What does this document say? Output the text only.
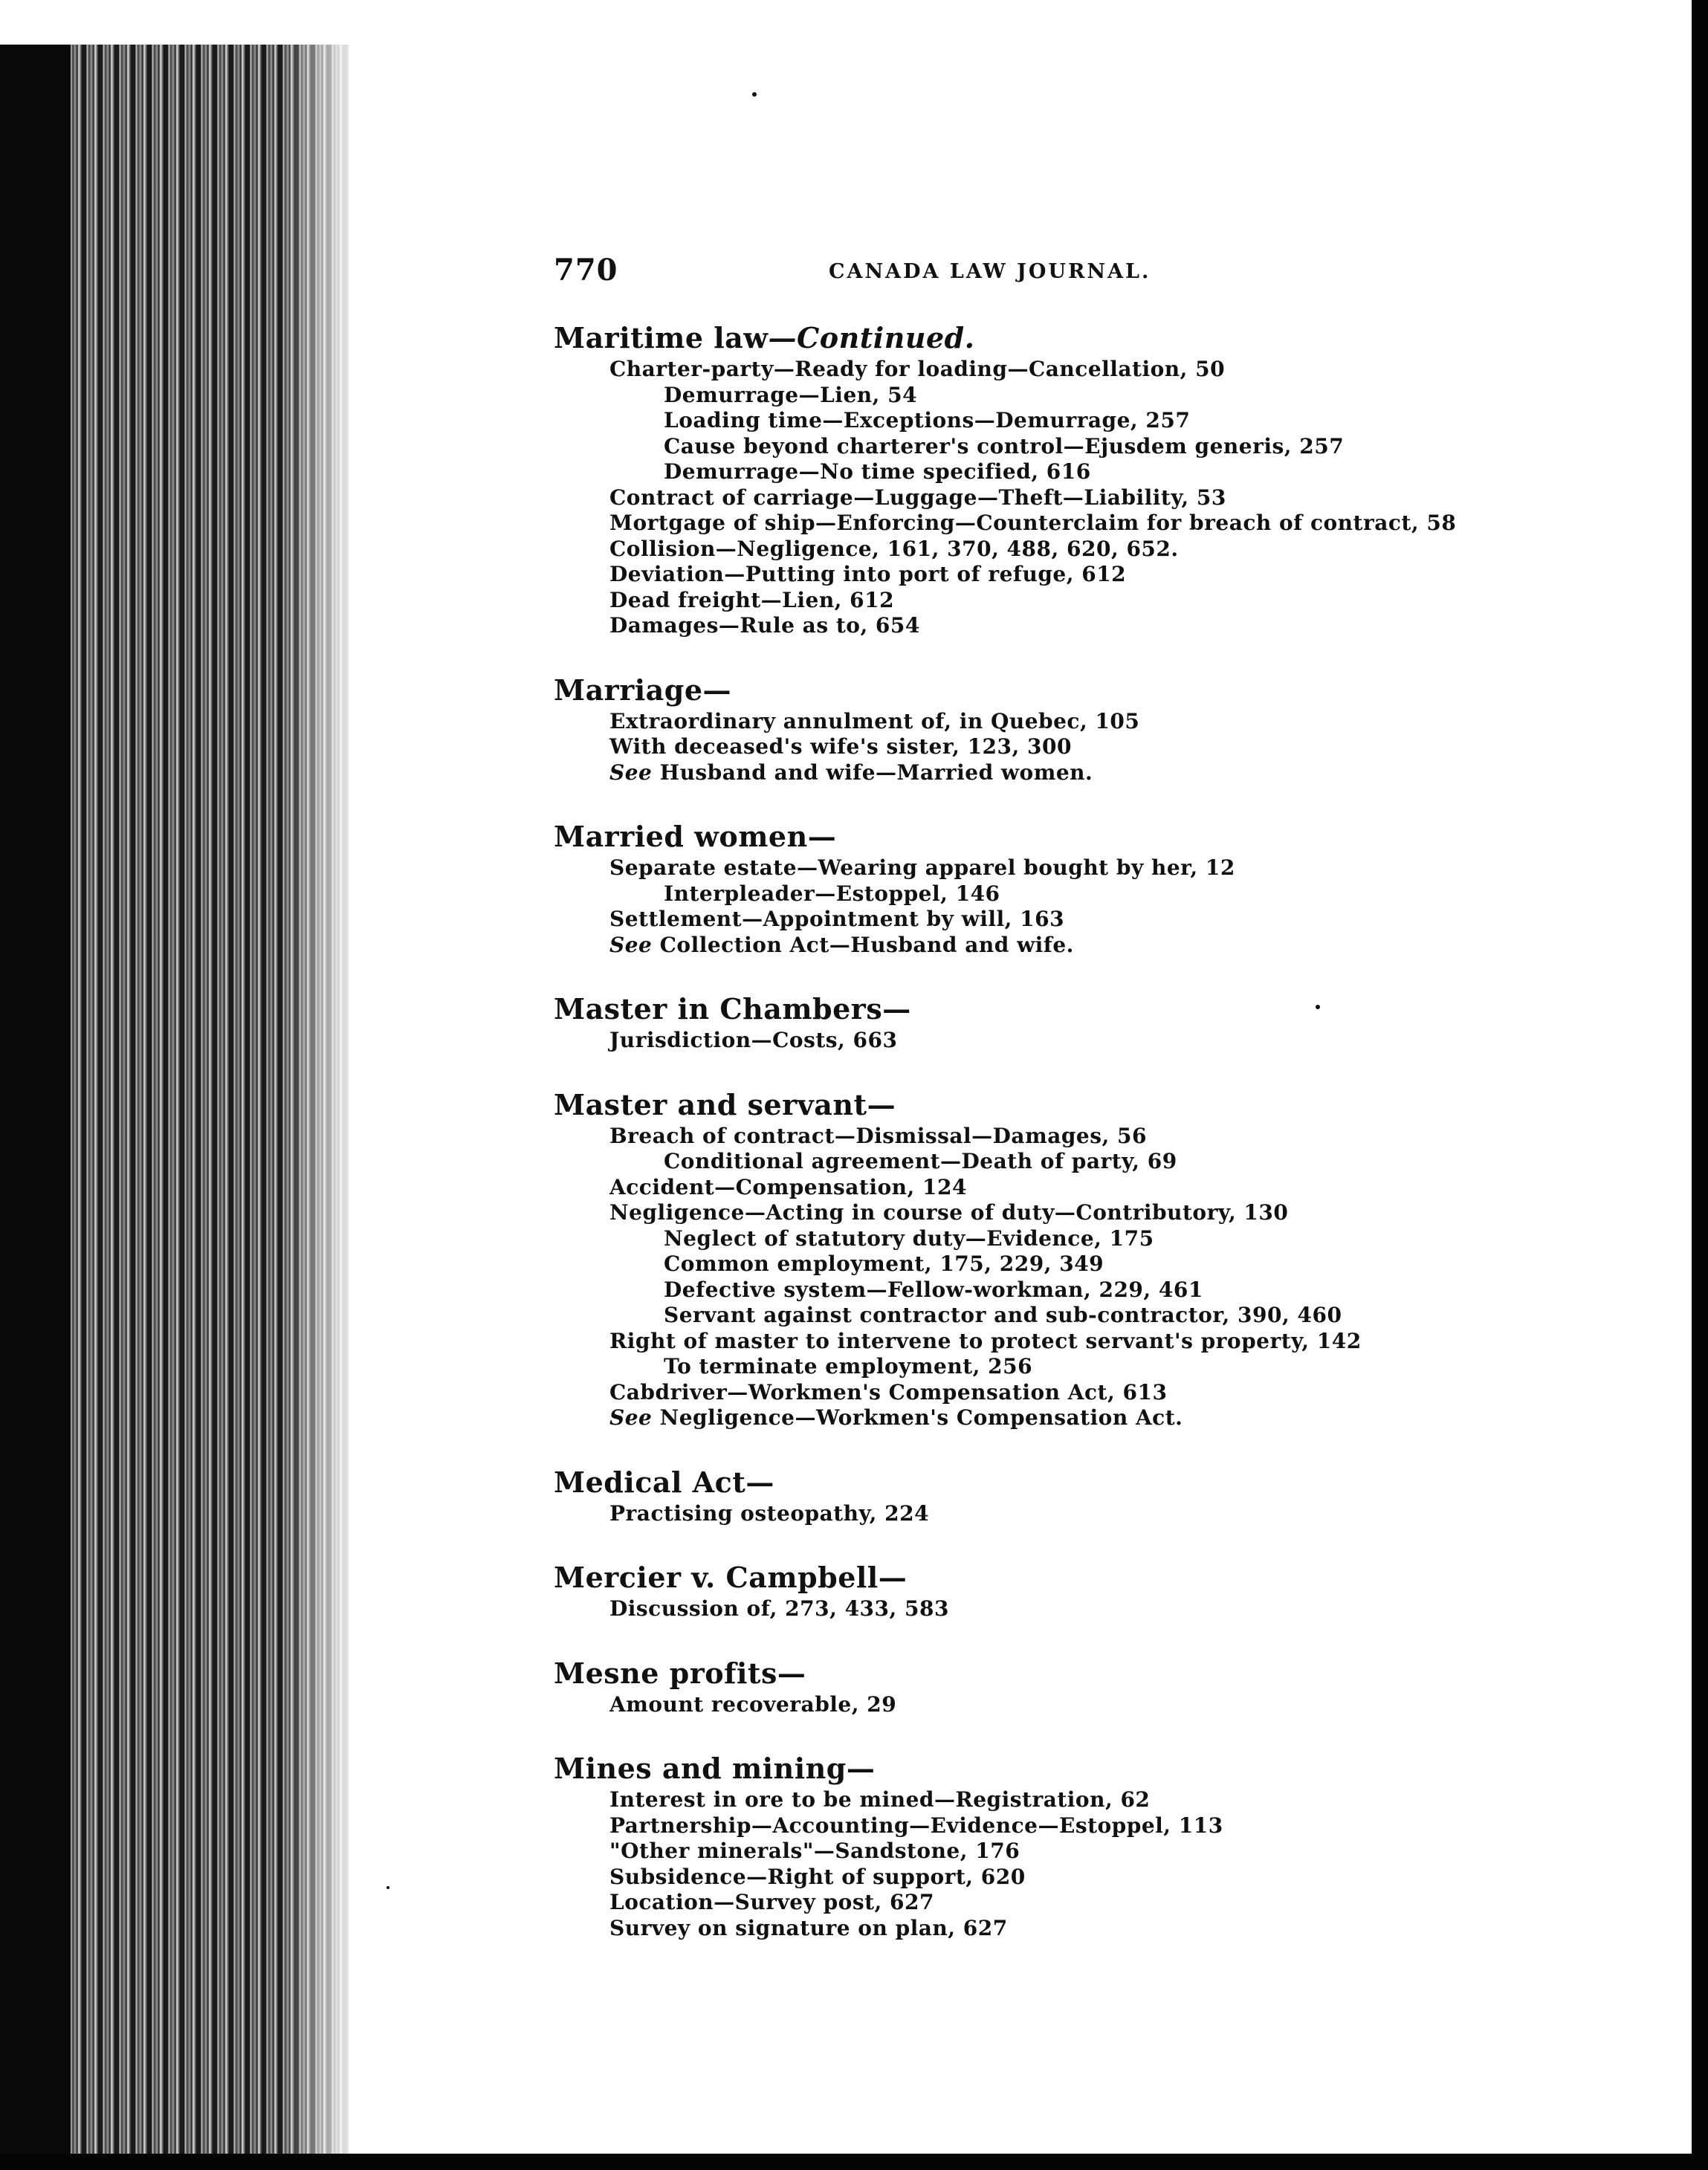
770	CANADA LAW JOURNAL.
Maritime law—Continued.
Charter-party—Ready for loading—Cancellation, 50
Demurrage—Lien, 54
Loading time—Exceptions—Demurrage, 257
Cause beyond charterer's control—Ejusdem generis, 257
Demurrage—No time specified, 616
Contract of carriage—Luggage—Theft—Liability, 53
Mortgage of ship—Enforcing—Counterclaim for breach of contract, 58
Collision—Negligence, 161, 370, 488, 620, 652.
Deviation—Putting into port of refuge, 612
Dead freight—Lien, 612
Damages—Rule as to, 654
Marriage—
Extraordinary annulment of, in Quebec, 105
With deceased's wife's sister, 123, 300
See Husband and wife—Married women.
Married women—
Separate estate—Wearing apparel bought by her, 12
Interpleader—Estoppel, 146
Settlement—Appointment by will, 163
See Collection Act—Husband and wife.
Master in Chambers—
Jurisdiction—Costs, 663
Master and servant—
Breach of contract—Dismissal—Damages, 56
Conditional agreement—Death of party, 69
Accident—Compensation, 124
Negligence—Acting in course of duty—Contributory, 130
Neglect of statutory duty—Evidence, 175
Common employment, 175, 229, 349
Defective system—Fellow-workman, 229, 461
Servant against contractor and sub-contractor, 390, 460
Right of master to intervene to protect servant's property, 142
To terminate employment, 256
Cabdriver—Workmen's Compensation Act, 613
See Negligence—Workmen's Compensation Act.
Medical Act—
Practising osteopathy, 224
Mercier v. Campbell—
Discussion of, 273, 433, 583
Mesne profits—
Amount recoverable, 29
Mines and mining—
Interest in ore to be mined—Registration, 62
Partnership—Accounting—Evidence—Estoppel, 113
"Other minerals"—Sandstone, 176
Subsidence—Right of support, 620
Location—Survey post, 627
Survey on signature on plan, 627
